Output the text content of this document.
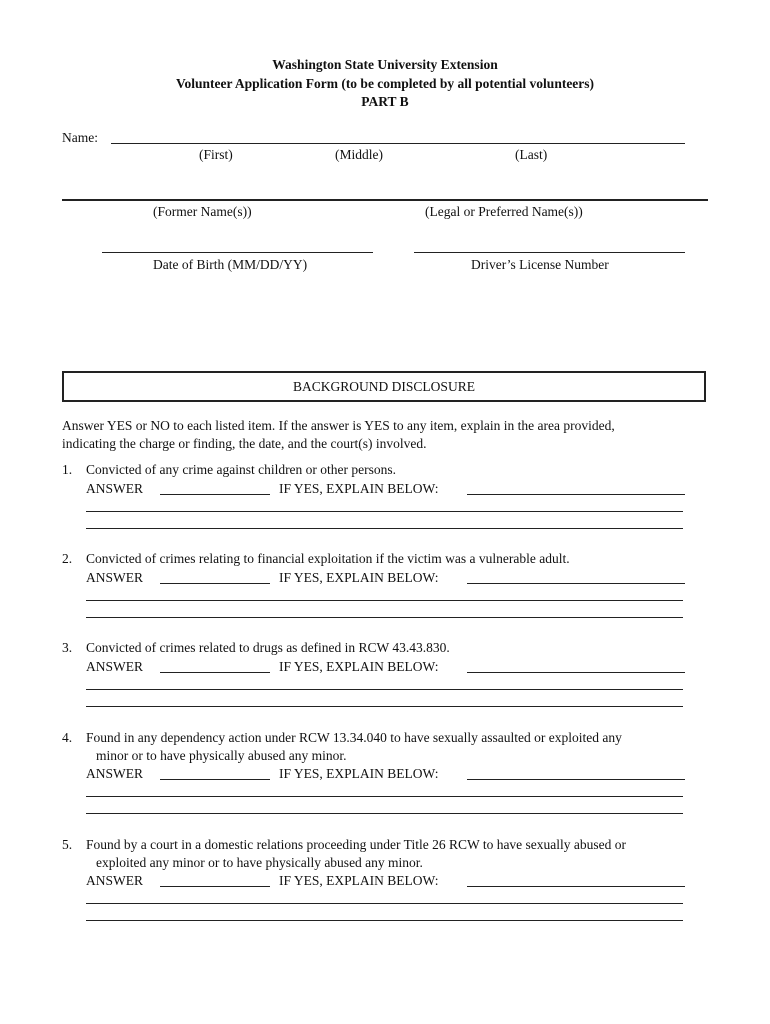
Washington State University Extension
Volunteer Application Form (to be completed by all potential volunteers)
PART B
Name:
(First)	(Middle)	(Last)
(Former Name(s))	(Legal or Preferred Name(s))
Date of Birth (MM/DD/YY)	Driver’s License Number
BACKGROUND DISCLOSURE
Answer YES or NO to each listed item. If the answer is YES to any item, explain in the area provided,
indicating the charge or finding, the date, and the court(s) involved.
1. Convicted of any crime against children or other persons.
ANSWER	IF YES, EXPLAIN BELOW:
2. Convicted of crimes relating to financial exploitation if the victim was a vulnerable adult.
ANSWER	IF YES, EXPLAIN BELOW:
3. Convicted of crimes related to drugs as defined in RCW 43.43.830.
ANSWER	IF YES, EXPLAIN BELOW:
4. Found in any dependency action under RCW 13.34.040 to have sexually assaulted or exploited any
minor or to have physically abused any minor.
ANSWER	IF YES, EXPLAIN BELOW:
5. Found by a court in a domestic relations proceeding under Title 26 RCW to have sexually abused or
exploited any minor or to have physically abused any minor.
ANSWER	IF YES, EXPLAIN BELOW:
